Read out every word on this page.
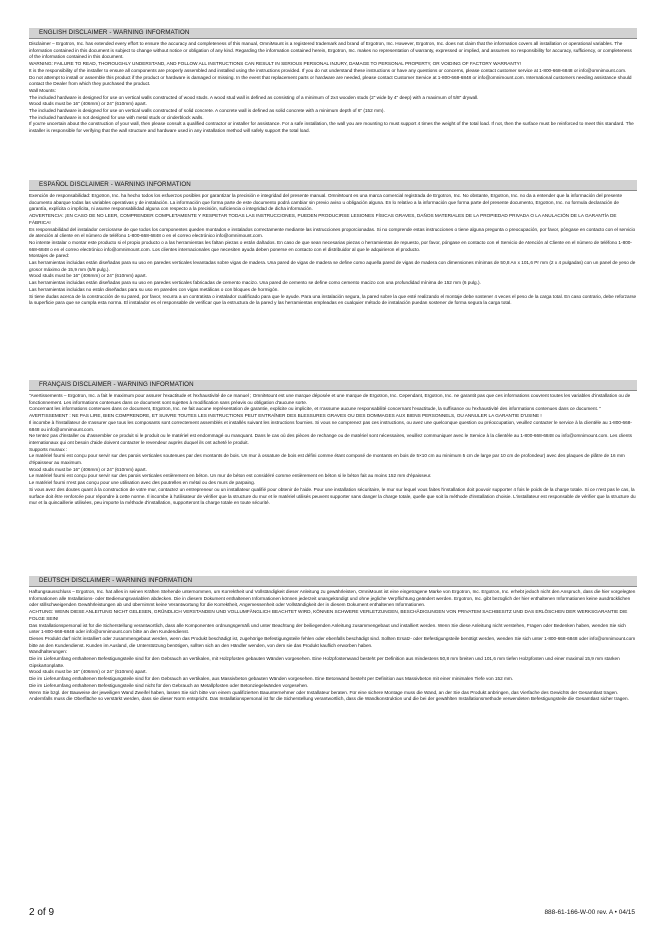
ENGLISH DISCLAIMER - WARNING INFORMATION

Disclaimer – Ergotron, Inc. has extended every effort to ensure the accuracy and completeness of this manual, OmniMount is a registered trademark and brand of Ergotron, Inc. However, Ergotron, Inc. does not claim that the information covers all installation or operational variables. The information contained in this document is subject to change without notice or obligation of any kind. Regarding the information contained herein, Ergotron, Inc. makes no representation of warranty, expressed or implied, and assumes no responsibility for accuracy, sufficiency, or completeness of the information contained in this document.

WARNING: FAILURE TO READ, THOROUGHLY UNDERSTAND, AND FOLLOW ALL INSTRUCTIONS CAN RESULT IN SERIOUS PERSONAL INJURY, DAMAGE TO PERSONAL PROPERTY, OR VOIDING OF FACTORY WARRANTY!

It is the responsibility of the installer to ensure all components are properly assembled and installed using the instructions provided. If you do not understand these instructions or have any questions or concerns, please contact customer service at 1-800-668-6848 or info@omnimount.com.

Do not attempt to install or assemble this product if the product or hardware is damaged or missing. In the event that replacement parts or hardware are needed, please contact Customer Service at 1-800-668-6848 or info@omnimount.com. International customers needing assistance should contact the Dealer from which they purchased the product.

Wall Mounts:

The included hardware is designed for use on vertical walls constructed of wood studs. A wood stud wall is defined as consisting of a minimum of 2x4 wooden studs (2" wide by 4" deep) with a maximum of 5/8" drywall.

Wood studs must be 16" (406mm) or 24" (610mm) apart.

The included hardware is designed for use on vertical walls constructed of solid concrete. A concrete wall is defined as solid concrete with a minimum depth of 6" (152 mm).

The included hardware is not designed for use with metal studs or cinderblock walls.

If you're uncertain about the construction of your wall, then please consult a qualified contractor or installer for assistance. For a safe installation, the wall you are mounting to must support 4 times the weight of the total load. If not, then the surface must be reinforced to meet this standard. The installer is responsible for verifying that the wall structure and hardware used in any installation method will safely support the total load.

ESPAÑOL DISCLAIMER - WARNING INFORMATION

Exención de responsabilidad: Ergotron, Inc. ha hecho todos los esfuerzos posibles por garantizar la precisión e integridad del presente manual. OmniMount es una marca comercial registrada de Ergotron, Inc. No obstante, Ergotron, Inc. no da a entender que la información del presente documento abarque todas las variables operativas y de instalación. La información que forma parte de este documento podrá cambiar sin previo aviso u obligación alguna. En lo relativo a la información que forma parte del presente documento, Ergotron, Inc. no formula declaración de garantía, explícita o implícita, ni asume responsabilidad alguna con respecto a la precisión, suficiencia o integridad de dicha información.

ADVERTENCIA: ¡EN CASO DE NO LEER, COMPRENDER COMPLETAMENTE Y RESPETAR TODAS LAS INSTRUCCIONES, PUEDEN PRODUCIRSE LESIONES FÍSICAS GRAVES, DAÑOS MATERIALES DE LA PROPIEDAD PRIVADA O LA ANULACIÓN DE LA GARANTÍA DE FÁBRICA!

Es responsabilidad del instalador cerciorarse de que todos los componentes queden montados e instalados correctamente mediante las instrucciones proporcionadas. Si no comprende estas instrucciones o tiene alguna pregunta o preocupación, por favor, póngase en contacto con el servicio de atención al cliente en el número de teléfono 1-800-668-6848 o en el correo electrónico info@omnimount.com.

No intente instalar o montar este producto si el propio producto o a las herramientas les faltan piezas o están dañados. En caso de que sean necesarias piezas o herramientas de repuesto, por favor, póngase en contacto con el Servicio de Atención al Cliente en el número de teléfono 1-800-668-6848 o en el correo electrónico info@omnimount.com. Los clientes internacionales que necesiten ayuda deben ponerse en contacto con el distribuidor al que le adquirieron el producto.

Montajes de pared:

Las herramientas incluidas están diseñadas para su uso en paredes verticales levantadas sobre vigas de madera. Una pared de vigas de madera se define como aquella pared de vigas de madera con dimensiones mínimas de 50,8 An x 101,6 Pr mm (2 x 4 pulgadas) con un panel de yeso de grosor máximo de 15,9 mm (5/8 pulg.).

Wood studs must be 16" (406mm) or 24" (610mm) apart.

Las herramientas incluidas están diseñadas para su uso en paredes verticales fabricadas de cemento macizo. Una pared de cemento se define como cemento macizo con una profundidad mínima de 152 mm (6 pulg.).

Las herramientas incluidas no están diseñadas para su uso en paredes con vigas metálicas o con bloques de hormigón.

Si tiene dudas acerca de la construcción de su pared, por favor, recurra a un contratista o instalador cualificado para que le ayude. Para una instalación segura, la pared sobre la que esté realizando el montaje debe sostener 4 veces el peso de la carga total. En caso contrario, debe reforzarse la superficie para que se cumpla esta norma. El instalador es el responsable de verificar que la estructura de la pared y las herramientas empleadas en cualquier método de instalación puedan sostener de forma segura la carga total.

FRANÇAIS DISCLAIMER - WARNING INFORMATION

"Avertissements – Ergotron, Inc. a fait le maximum pour assurer l'exactitude et l'exhaustivité de ce manuel ; OmniMount est une marque déposée et une marque de Ergotron, Inc. Cependant, Ergotron, Inc. ne garantit pas que ces informations couvrent toutes les variables d'installation ou de fonctionnement. Les informations contenues dans ce document sont sujettes à modification sans préavis ou obligation d'aucune sorte.

Concernant les informations contenues dans ce document, Ergotron, Inc. ne fait aucune représentation de garantie, explicite ou implicite, et n'assume aucune responsabilité concernant l'exactitude, la suffisance ou l'exhaustivité des informations contenues dans ce document. "

AVERTISSEMENT : NE PAS LIRE, BIEN COMPRENDRE, ET SUIVRE TOUTES LES INSTRUCTIONS PEUT ENTRAÎNER DES BLESSURES GRAVES OU DES DOMMAGES AUX BIENS PERSONNELS, OU ANNULER LA GARANTIE D'USINE !

Il incombe à l'installateur de s'assurer que tous les composants sont correctement assemblés et installés suivant les instructions fournies. Si vous ne comprenez pas ces instructions, ou avez une quelconque question ou préoccupation, veuillez contacter le service à la clientèle au 1-800-668-6848 ou info@omnimount.com.

Ne tentez pas d'installer ou d'assembler ce produit si le produit ou le matériel est endommagé ou manquant. Dans le cas où des pièces de rechange ou de matériel sont nécessaires, veuillez communiquer avec le Service à la clientèle au 1-800-668-6848 ou info@omnimount.com. Les clients internationaux qui ont besoin d'aide doivent contacter le revendeur auprès duquel ils ont acheté le produit.

Supports muraux :

Le matériel fourni est conçu pour servir sur des parois verticales soutenues par des montants de bois. Un mur à ossature de bois est défini comme étant composé de montants en bois de 5×10 cm au minimum 5 cm de large par 10 cm de profondeur) avec des plaques de plâtre de 16 mm d'épaisseur au maximum.

Wood studs must be 16" (406mm) or 24" (610mm) apart.

Le matériel fourni est conçu pour servir sur des parois verticales entièrement en béton. Un mur de béton est considéré comme entièrement en béton si le béton fait au moins 152 mm d'épaisseur.

Le matériel fourni n'est pas conçu pour une utilisation avec des poutrelles en métal ou des murs de parpaing.

Si vous avez des doutes quant à la construction de votre mur, contactez un entrepreneur ou un installateur qualifié pour obtenir de l'aide. Pour une installation sécuritaire, le mur sur lequel vous faites l'installation doit pouvoir supporter 4 fois le poids de la charge totale. Si ce n'est pas le cas, la surface doit être renforcée pour répondre à cette norme. Il incombe à l'utilisateur de vérifier que la structure du mur et le matériel utilisés peuvent supporter sans danger la charge totale, quelle que soit la méthode d'installation choisie. L'installateur est responsable de vérifier que la structure du mur et la quincaillerie utilisées, peu importe la méthode d'installation, supporteront la charge totale en toute sécurité.

DEUTSCH DISCLAIMER - WARNING INFORMATION

Haftungsausschluss – Ergotron, Inc. hat alles in seinen Kräften Stehende unternommen, um Korrektheit und Vollständigkeit dieser Anleitung zu gewährleisten, OmniMount ist eine eingetragene Marke von Ergotron, Inc. Ergotron, Inc. erhebt jedoch nicht den Anspruch, dass die hier vorgelegten Informationen alle Installations- oder Bedienungsvariablen abdecken. Die in diesem Dokument enthaltenen Informationen können jederzeit unangekündigt und ohne jegliche Verpflichtung geändert werden. Ergotron, Inc. gibt bezüglich der hier enthaltenen Informationen keine ausdrücklichen oder stillschweigenden Gewährleistungen ab und übernimmt keine Verantwortung für die Korrektheit, Angemessenheit oder Vollständigkeit der in diesem Dokument enthaltenen Informationen.

ACHTUNG: WENN DIESE ANLEITUNG NICHT GELESEN, GRÜNDLICH VERSTANDEN UND VOLLUMFÄNGLICH BEACHTET WIRD, KÖNNEN SCHWERE VERLETZUNGEN, BESCHÄDIGUNGEN VON PRIVATEM SACHBESITZ UND DAS ERLÖSCHEN DER WERKSGARANTIE DIE FOLGE SEIN!

Das Installationspersonal ist für die Sicherstellung verantwortlich, dass alle Komponenten ordnungsgemäß und unter Beachtung der beiliegenden Anleitung zusammengebaut und installiert werden. Wenn Sie diese Anleitung nicht verstehen, Fragen oder Bedenken haben, wenden Sie sich unter 1-800-668-6848 oder info@omnimount.com bitte an den Kundendienst.

Dieses Produkt darf nicht installiert oder zusammengebaut werden, wenn das Produkt beschädigt ist, zugehörige Befestigungsteile fehlen oder ebenfalls beschädigt sind. Sollten Ersatz- oder Befestigungsteile benötigt werden, wenden Sie sich unter 1-800-668-6848 oder info@omnimount.com bitte an den Kundendienst. Kunden im Ausland, die Unterstützung benötigen, sollten sich an den Händler wenden, von dem sie das Produkt kauflich erworben haben.

Wandhalterungen:

Die im Lieferumfang enthaltenen Befestigungsteile sind für den Gebrauch an vertikalen, mit Holzpfosten gebauten Wänden vorgesehen. Eine Holzpfostenwand besteht per Definition aus mindestens 50,8 mm breiten und 101,6 mm tiefen Holzpfosten und einer maximal 15,9 mm starken Gipskartonplatte.

Wood studs must be 16" (406mm) or 24" (610mm) apart.

Die im Lieferumfang enthaltenen Befestigungsteile sind für den Gebrauch an vertikalen, aus Massivbeton gebauten Wänden vorgesehen. Eine Betonwand besteht per Definition aus Massivbeton mit einer minimalen Tiefe von 152 mm.

Die im Lieferumfang enthaltenen Befestigungsteile sind nicht für den Gebrauch an Metallpfosten oder Betonziegelwänden vorgesehen.

Wenn Sie bzgl. der Bauweise der jeweiligen Wand Zweifel haben, lassen Sie sich bitte von einem qualifizierten Bauunternehmer oder Installateur beraten. Für eine sichere Montage muss die Wand, an der Sie das Produkt anbringen, das Vierfache des Gewichts der Gesamtlast tragen. Andernfalls muss die Oberfläche so verstärkt werden, dass sie dieser Norm entspricht. Das Installationspersonal ist für die Sicherstellung verantwortlich, dass die Wandkonstruktion und die bei der gewählten Installationsmethode verwendeten Befestigungsteile die Gesamtlast sicher tragen.

2 of 9	888-61-166-W-00 rev. A • 04/15
